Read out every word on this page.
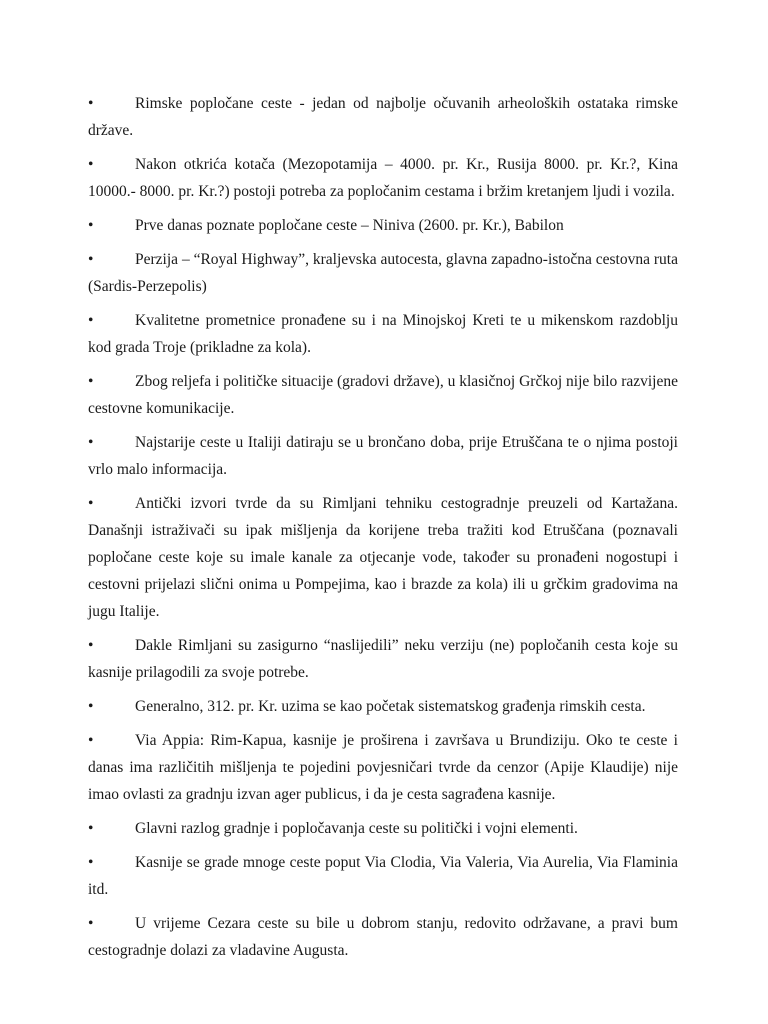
•	Rimske popločane ceste - jedan od najbolje očuvanih arheoloških ostataka rimske države.

•	Nakon otkrića kotača (Mezopotamija – 4000. pr. Kr., Rusija 8000. pr. Kr.?, Kina 10000.- 8000. pr. Kr.?) postoji potreba za popločanim cestama i bržim kretanjem ljudi i vozila.

•	Prve danas poznate popločane ceste – Niniva (2600. pr. Kr.), Babilon

•	Perzija – “Royal Highway”, kraljevska autocesta, glavna zapadno-istočna cestovna ruta (Sardis-Perzepolis)

•	Kvalitetne prometnice pronađene su i na Minojskoj Kreti te u mikenskom razdoblju kod grada Troje (prikladne za kola).

•	Zbog reljefa i političke situacije (gradovi države), u klasičnoj Grčkoj nije bilo razvijene cestovne komunikacije.

•	Najstarije ceste u Italiji datiraju se u brončano doba, prije Etruščana te o njima postoji vrlo malo informacija.

•	Antički izvori tvrde da su Rimljani tehniku cestogradnje preuzeli od Kartažana. Današnji istraživači su ipak mišljenja da korijene treba tražiti kod Etruščana (poznavali popločane ceste koje su imale kanale za otjecanje vode, također su pronađeni nogostupi i cestovni prijelazi slični onima u Pompejima, kao i brazde za kola) ili u grčkim gradovima na jugu Italije.

•	Dakle Rimljani su zasigurno “naslijedili” neku verziju (ne) popločanih cesta koje su kasnije prilagodili za svoje potrebe.

•	Generalno, 312. pr. Kr. uzima se kao početak sistematskog građenja rimskih cesta.

•	Via Appia: Rim-Kapua, kasnije je proširena i završava u Brundiziju. Oko te ceste i danas ima različitih mišljenja te pojedini povjesničari tvrde da cenzor (Apije Klaudije) nije imao ovlasti za gradnju izvan ager publicus, i da je cesta sagrađena kasnije.

•	Glavni razlog gradnje i popločavanja ceste su politički i vojni elementi.

•	Kasnije se grade mnoge ceste poput Via Clodia, Via Valeria, Via Aurelia, Via Flaminia itd.

•	U vrijeme Cezara ceste su bile u dobrom stanju, redovito održavane, a pravi bum cestogradnje dolazi za vladavine Augusta.
